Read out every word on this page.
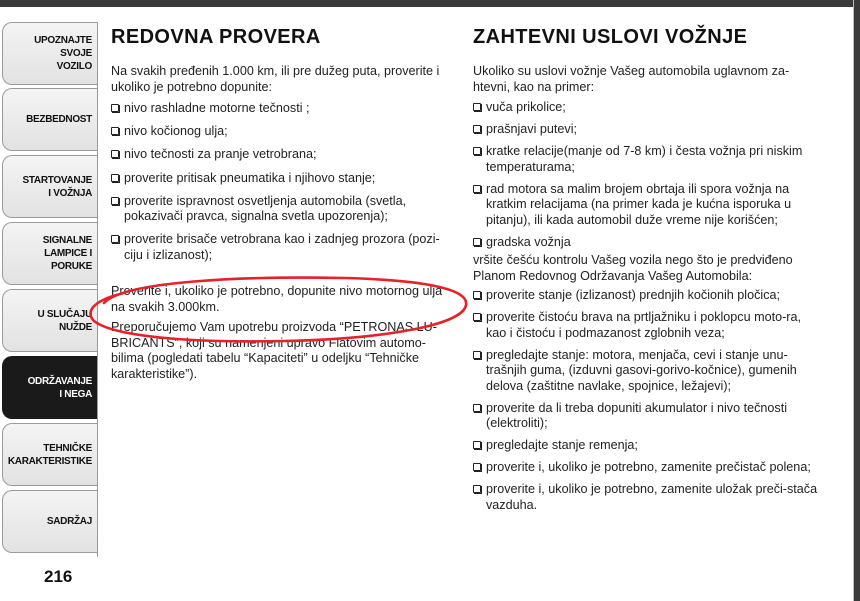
UPOZNAJTE
SVOJE
VOZILO
BEZBEDNOST
STARTOVANJE
I VOŽNJA
SIGNALNE
LAMPICE I PORUKE
U SLUČAJU
NUŽDE
ODRŽAVANJE
I NEGA
TEHNIČKE
KARAKTERISTIKE
SADRŽAJ
216
REDOVNA PROVERA

Na svakih pređenih 1.000 km, ili pre dužeg puta, proverite i ukoliko je potrebno dopunite:

nivo rashladne motorne tečnosti ;
nivo kočionog ulja;
nivo tečnosti za pranje vetrobrana;
proverite pritisak pneumatika i njihovo stanje;
proverite ispravnost osvetljenja automobila (svetla, pokazivači pravca, signalna svetla upozorenja);
proverite brisače vetrobrana kao i zadnjeg prozora (pozi-ciju i izlizanost);

Proverite i, ukoliko je potrebno, dopunite nivo motornog ulja na svakih 3.000km.

Preporučujemo Vam upotrebu proizvoda “PETRONAS LU-BRICANTS”, koji su namenjeni upravo Fiatovim automo-bilima (pogledati tabelu “Kapaciteti” u odeljku “Tehničke karakteristike”).

ZAHTEVNI USLOVI VOŽNJE

Ukoliko su uslovi vožnje Vašeg automobila uglavnom za-htevni, kao na primer:

vuča prikolice;
prašnjavi putevi;
kratke relacije(manje od 7-8 km) i česta vožnja pri niskim temperaturama;
rad motora sa malim brojem obrtaja ili spora vožnja na kratkim relacijama (na primer kada je kućna isporuka u pitanju), ili kada automobil duže vreme nije korišćen;
gradska vožnja

vršite češću kontrolu Vašeg vozila nego što je predviđeno Planom Redovnog Održavanja Vašeg Automobila:

proverite stanje (izlizanost) prednjih kočionih pločica;
proverite čistoću brava na prtljažniku i poklopcu moto-ra, kao i čistoću i podmazanost zglobnih veza;
pregledajte stanje: motora, menjača, cevi i stanje unu-trašnjih guma, (izduvni gasovi-gorivo-kočnice), gumenih delova (zaštitne navlake, spojnice, ležajevi);
proverite da li treba dopuniti akumulator i nivo tečnosti (elektroliti);
pregledajte stanje remenja;
proverite i, ukoliko je potrebno, zamenite prečistač polena;
proverite i, ukoliko je potrebno, zamenite uložak preči-stača vazduha.
